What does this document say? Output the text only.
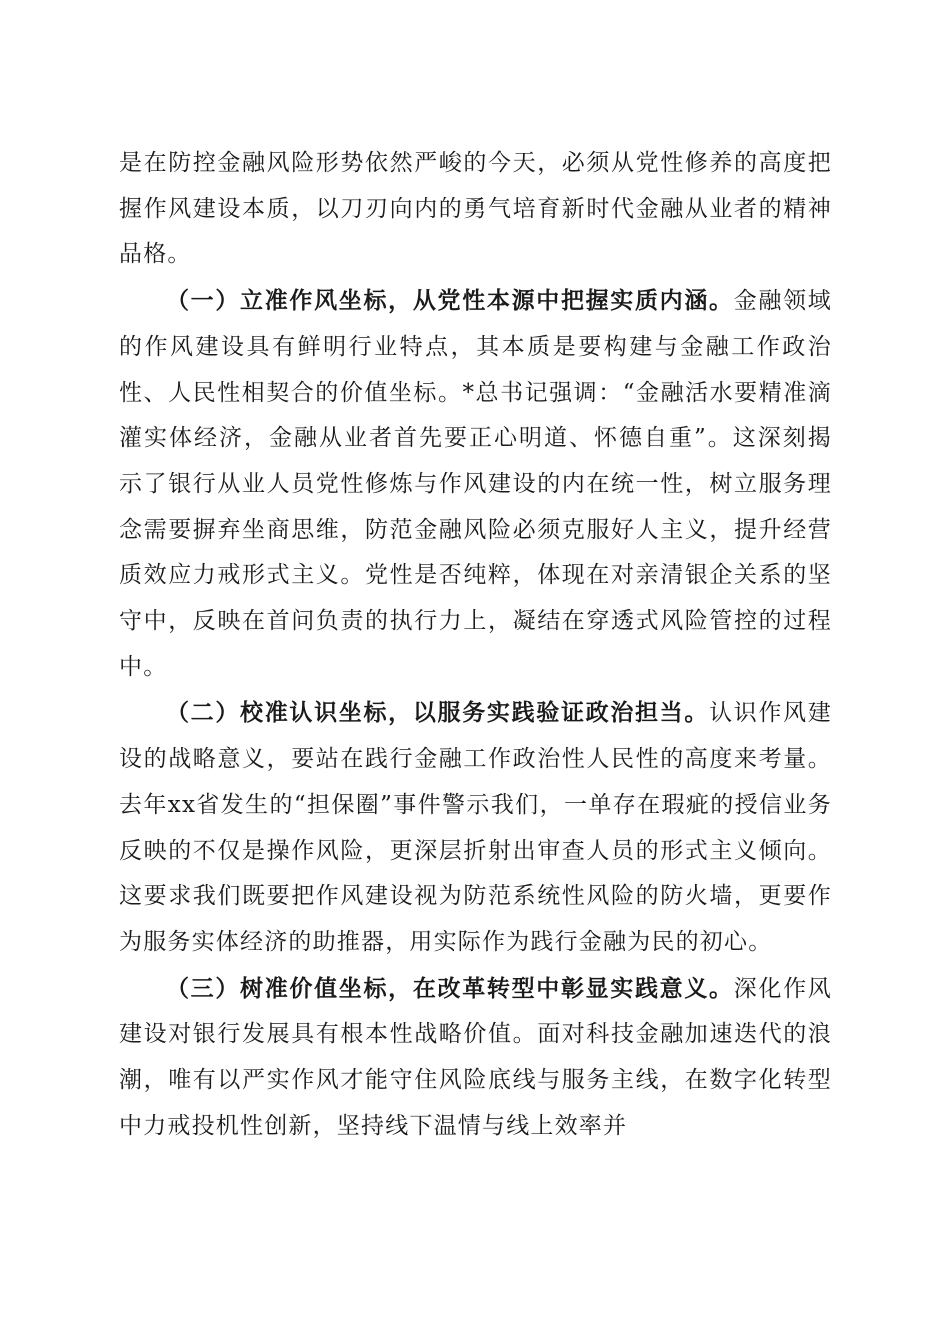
是在防控金融风险形势依然严峻的今天，必须从党性修养的高度把握作风建设本质，以刀刃向内的勇气培育新时代金融从业者的精神品格。

（一）立准作风坐标，从党性本源中把握实质内涵。金融领域的作风建设具有鲜明行业特点，其本质是要构建与金融工作政治性、人民性相契合的价值坐标。*总书记强调：“金融活水要精准滴灌实体经济，金融从业者首先要正心明道、怀德自重”。这深刻揭示了银行从业人员党性修炼与作风建设的内在统一性，树立服务理念需要摒弃坐商思维，防范金融风险必须克服好人主义，提升经营质效应力戒形式主义。党性是否纯粹，体现在对亲清银企关系的坚守中，反映在首问负责的执行力上，凝结在穿透式风险管控的过程中。

（二）校准认识坐标，以服务实践验证政治担当。认识作风建设的战略意义，要站在践行金融工作政治性人民性的高度来考量。去年xx省发生的“担保圈”事件警示我们，一单存在瑕疵的授信业务反映的不仅是操作风险，更深层折射出审查人员的形式主义倾向。这要求我们既要把作风建设视为防范系统性风险的防火墙，更要作为服务实体经济的助推器，用实际作为践行金融为民的初心。

（三）树准价值坐标，在改革转型中彰显实践意义。深化作风建设对银行发展具有根本性战略价值。面对科技金融加速迭代的浪潮，唯有以严实作风才能守住风险底线与服务主线，在数字化转型中力戒投机性创新，坚持线下温情与线上效率并
